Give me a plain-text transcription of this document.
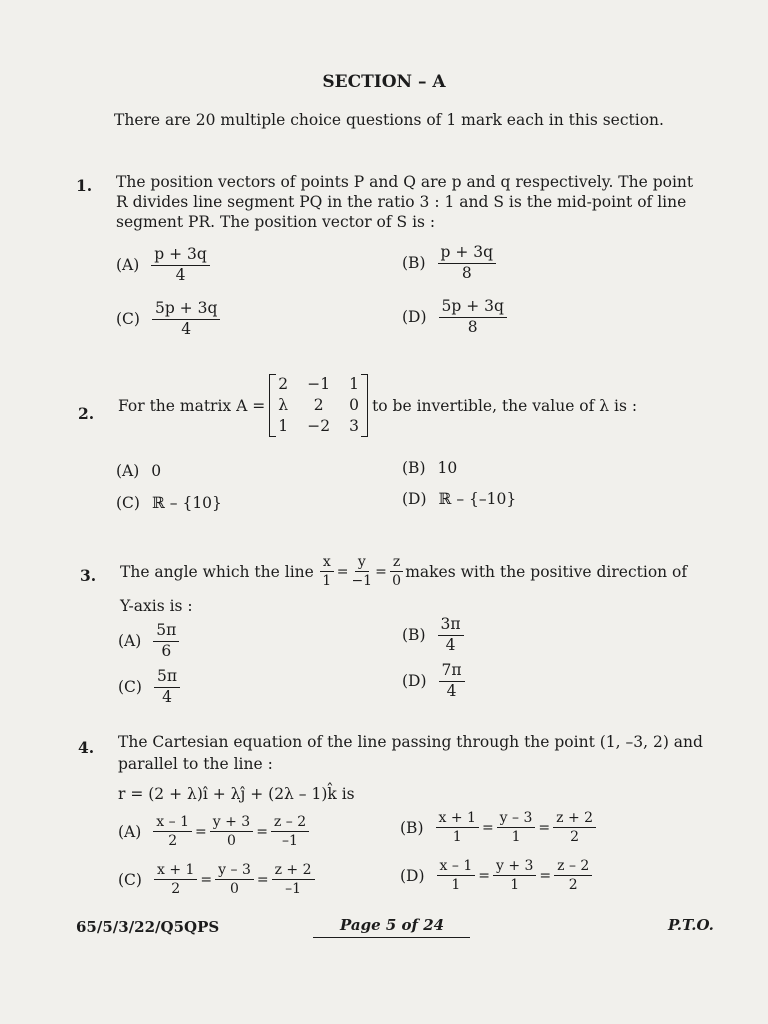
SECTION – A
There are 20 multiple choice questions of 1 mark each in this section.
1. The position vectors of points P and Q are p and q respectively. The point
R divides line segment PQ in the ratio 3 : 1 and S is the mid-point of line
segment PR. The position vector of S is :
$(A) \frac{p + 3q}{4}$	$(B) \frac{p + 3q}{8}$
$(C) \frac{5p + 3q}{4}$	$(D) \frac{5p + 3q}{8}$
2. For the matrix A =
2 −1 1
λ 2 0
1 −2 3
to be invertible, the value of λ is :
(A) 0	(B) 10
(C) ℝ – {10}	(D) ℝ – {–10}
3. The angle which the line $\frac{x}{1} = \frac{y}{-1} = \frac{z}{0}$ makes with the positive direction of
Y-axis is :
$(A) \frac{5\pi}{6}$	$(B) \frac{3\pi}{4}$
$(C) \frac{5\pi}{4}$	$(D) \frac{7\pi}{4}$
4. The Cartesian equation of the line passing through the point (1, –3, 2) and
parallel to the line :
r = (2 + λ)î + λĵ + (2λ – 1)k̂ is
$(A) \frac{x - 1}{2} = \frac{y + 3}{0} = \frac{z - 2}{-1}$	$(B) \frac{x + 1}{1} = \frac{y - 3}{1} = \frac{z + 2}{2}$
$(C) \frac{x + 1}{2} = \frac{y - 3}{0} = \frac{z + 2}{-1}$	$(D) \frac{x - 1}{1} = \frac{y + 3}{1} = \frac{z - 2}{2}$
65/5/3/22/Q5QPS	Page 5 of 24	P.T.O.
